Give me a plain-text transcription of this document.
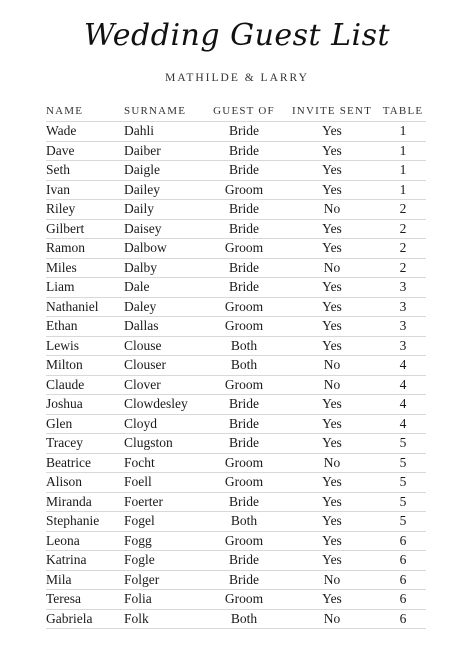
Wedding Guest List
MATHILDE & LARRY
NAME	SURNAME	GUEST OF	INVITE SENT	TABLE
Wade	Dahli	Bride	Yes	1
Dave	Daiber	Bride	Yes	1
Seth	Daigle	Bride	Yes	1
Ivan	Dailey	Groom	Yes	1
Riley	Daily	Bride	No	2
Gilbert	Daisey	Bride	Yes	2
Ramon	Dalbow	Groom	Yes	2
Miles	Dalby	Bride	No	2
Liam	Dale	Bride	Yes	3
Nathaniel	Daley	Groom	Yes	3
Ethan	Dallas	Groom	Yes	3
Lewis	Clouse	Both	Yes	3
Milton	Clouser	Both	No	4
Claude	Clover	Groom	No	4
Joshua	Clowdesley	Bride	Yes	4
Glen	Cloyd	Bride	Yes	4
Tracey	Clugston	Bride	Yes	5
Beatrice	Focht	Groom	No	5
Alison	Foell	Groom	Yes	5
Miranda	Foerter	Bride	Yes	5
Stephanie	Fogel	Both	Yes	5
Leona	Fogg	Groom	Yes	6
Katrina	Fogle	Bride	Yes	6
Mila	Folger	Bride	No	6
Teresa	Folia	Groom	Yes	6
Gabriela	Folk	Both	No	6
